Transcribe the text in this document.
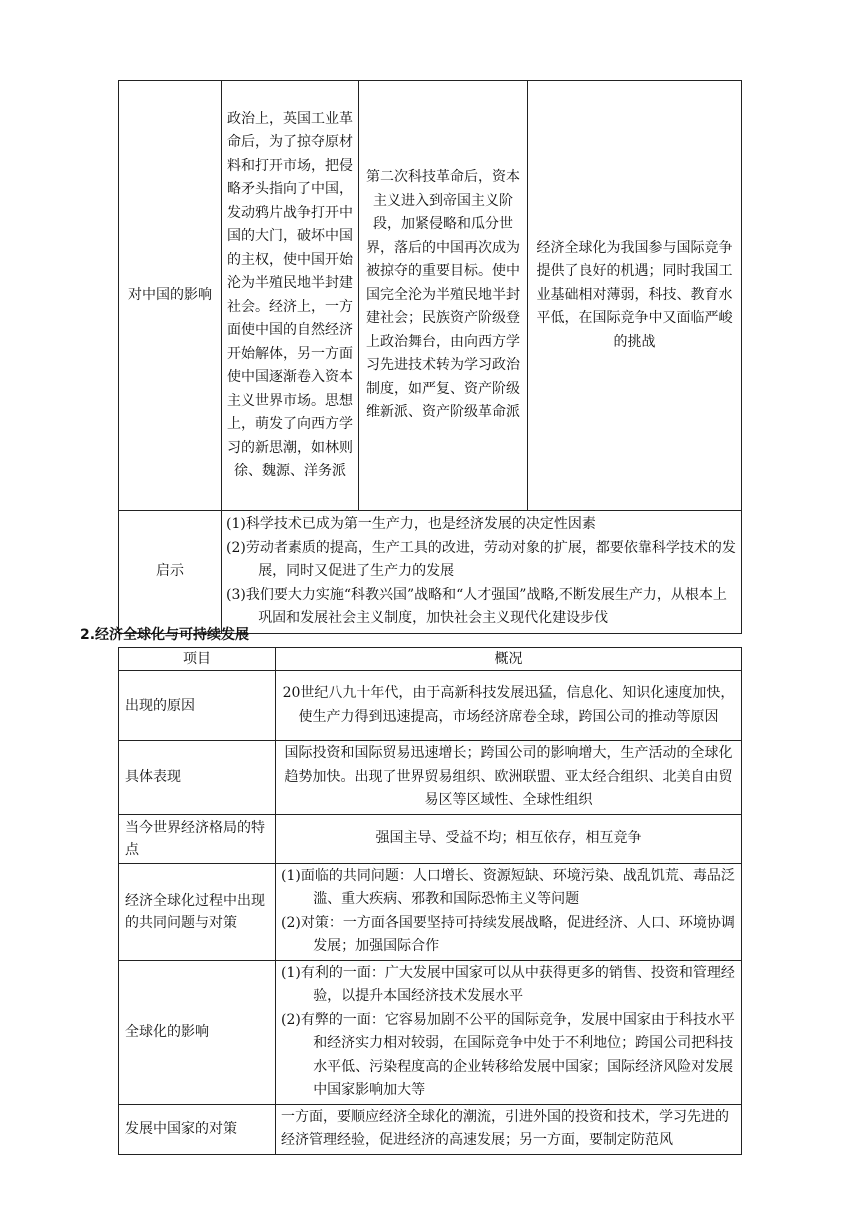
对中国的影响	政治上，英国工业革命后，为了掠夺原材料和打开市场，把侵略矛头指向了中国，发动鸦片战争打开中国的大门，破坏中国的主权，使中国开始沦为半殖民地半封建社会。经济上，一方面使中国的自然经济开始解体，另一方面使中国逐渐卷入资本主义世界市场。思想上，萌发了向西方学习的新思潮，如林则徐、魏源、洋务派	第二次科技革命后，资本主义进入到帝国主义阶段，加紧侵略和瓜分世界，落后的中国再次成为被掠夺的重要目标。使中国完全沦为半殖民地半封建社会；民族资产阶级登上政治舞台，由向西方学习先进技术转为学习政治制度，如严复、资产阶级维新派、资产阶级革命派	经济全球化为我国参与国际竞争提供了良好的机遇；同时我国工业基础相对薄弱，科技、教育水平低，在国际竞争中又面临严峻的挑战
启示	(1)科学技术已成为第一生产力，也是经济发展的决定性因素

(2)劳动者素质的提高，生产工具的改进，劳动对象的扩展，都要依靠科学技术的发展，同时又促进了生产力的发展

(3)我们要大力实施“科教兴国”战略和“人才强国”战略,不断发展生产力，从根本上巩固和发展社会主义制度，加快社会主义现代化建设步伐		

2.经济全球化与可持续发展

项目	概况
出现的原因	20世纪八九十年代，由于高新科技发展迅猛，信息化、知识化速度加快，使生产力得到迅速提高，市场经济席卷全球，跨国公司的推动等原因
具体表现	国际投资和国际贸易迅速增长；跨国公司的影响增大，生产活动的全球化趋势加快。出现了世界贸易组织、欧洲联盟、亚太经合组织、北美自由贸易区等区域性、全球性组织
当今世界经济格局的特点	强国主导、受益不均；相互依存，相互竞争
经济全球化过程中出现的共同问题与对策	(1)面临的共同问题：人口增长、资源短缺、环境污染、战乱饥荒、毒品泛滥、重大疾病、邪教和国际恐怖主义等问题

(2)对策：一方面各国要坚持可持续发展战略，促进经济、人口、环境协调发展；加强国际合作

全球化的影响	(1)有利的一面：广大发展中国家可以从中获得更多的销售、投资和管理经验，以提升本国经济技术发展水平

(2)有弊的一面：它容易加剧不公平的国际竞争，发展中国家由于科技水平和经济实力相对较弱，在国际竞争中处于不利地位；跨国公司把科技水平低、污染程度高的企业转移给发展中国家；国际经济风险对发展中国家影响加大等

发展中国家的对策	一方面，要顺应经济全球化的潮流，引进外国的投资和技术，学习先进的经济管理经验，促进经济的高速发展；另一方面，要制定防范风
